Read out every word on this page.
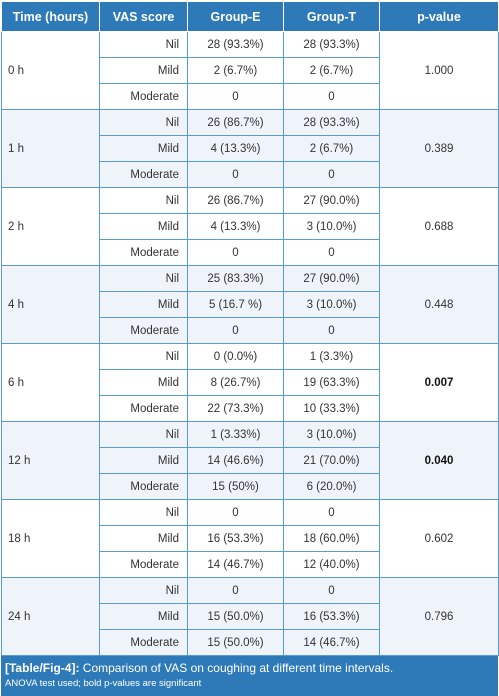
Time (hours)	VAS score	Group-E	Group-T	p-value
0 h	Nil	28 (93.3%)	28 (93.3%)	1.000
	Mild	2 (6.7%)	2 (6.7%)	
	Moderate	0	0	
1 h	Nil	26 (86.7%)	28 (93.3%)	0.389
	Mild	4 (13.3%)	2 (6.7%)	
	Moderate	0	0	
2 h	Nil	26 (86.7%)	27 (90.0%)	0.688
	Mild	4 (13.3%)	3 (10.0%)	
	Moderate	0	0	
4 h	Nil	25 (83.3%)	27 (90.0%)	0.448
	Mild	5 (16.7 %)	3 (10.0%)	
	Moderate	0	0	
6 h	Nil	0 (0.0%)	1 (3.3%)	0.007
	Mild	8 (26.7%)	19 (63.3%)	
	Moderate	22 (73.3%)	10 (33.3%)	
12 h	Nil	1 (3.33%)	3 (10.0%)	0.040
	Mild	14 (46.6%)	21 (70.0%)	
	Moderate	15 (50%)	6 (20.0%)	
18 h	Nil	0	0	0.602
	Mild	16 (53.3%)	18 (60.0%)	
	Moderate	14 (46.7%)	12 (40.0%)	
24 h	Nil	0	0	0.796
	Mild	15 (50.0%)	16 (53.3%)	
	Moderate	15 (50.0%)	14 (46.7%)	
[Table/Fig-4]: Comparison of VAS on coughing at different time intervals.
ANOVA test used; bold p-values are significant
